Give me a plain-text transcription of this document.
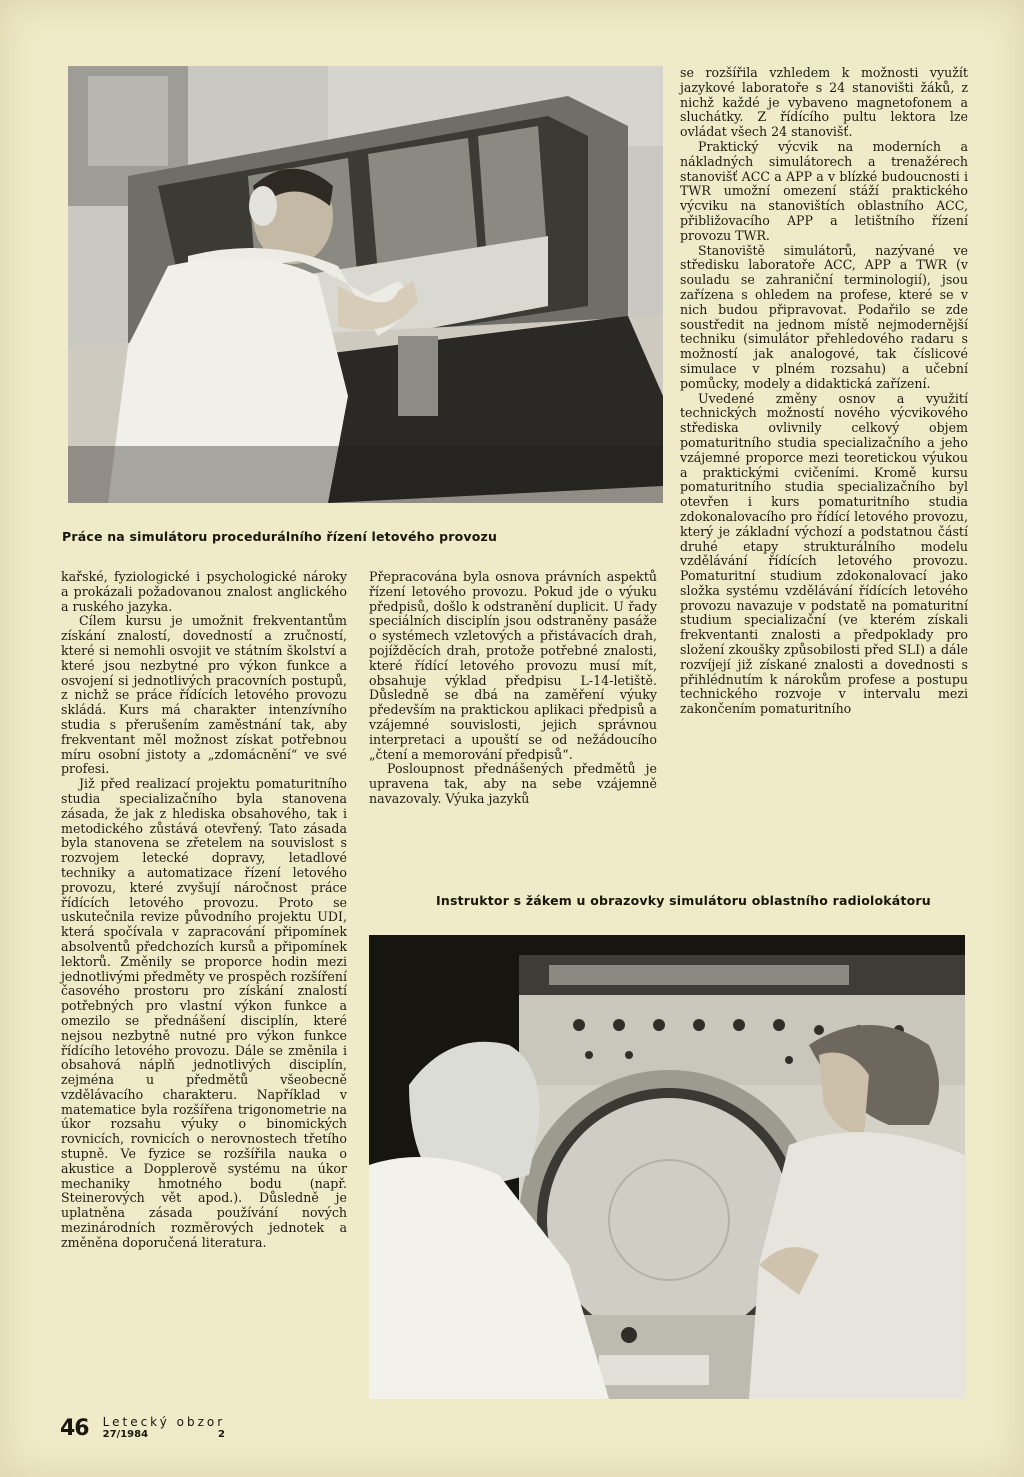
Práce na simulátoru procedurálního řízení letového provozu

se rozšířila vzhledem k možnosti využít jazykové laboratoře s 24 stanovišti žáků, z nichž každé je vybaveno magnetofonem a sluchátky. Z řídícího pultu lektora lze ovládat všech 24 stanovišť.

Praktický výcvik na moderních a nákladných simulátorech a trenažérech stanovišť ACC a APP a v blízké budoucnosti i TWR umožní omezení stáží praktického výcviku na stanovištích oblastního ACC, přibližovacího APP a letištního řízení provozu TWR.

Stanoviště simulátorů, nazývané ve středisku laboratoře ACC, APP a TWR (v souladu se zahraniční terminologií), jsou zařízena s ohledem na profese, které se v nich budou připravovat. Podařilo se zde soustředit na jednom místě nejmodernější techniku (simulátor přehledového radaru s možností jak analogové, tak číslicové simulace v plném rozsahu) a učební pomůcky, modely a didaktická zařízení.

Uvedené změny osnov a využití technických možností nového výcvikového střediska ovlivnily celkový objem pomaturitního studia specializačního a jeho vzájemné proporce mezi teoretickou výukou a praktickými cvičeními. Kromě kursu pomaturitního studia specializačního byl otevřen i kurs pomaturitního studia zdokonalovacího pro řídící letového provozu, který je základní výchozí a podstatnou částí druhé etapy strukturálního modelu vzdělávání řídících letového provozu. Pomaturitní studium zdokonalovací jako složka systému vzdělávání řídících letového provozu navazuje v podstatě na pomaturitní studium specializační (ve kterém získali frekventanti znalosti a předpoklady pro složení zkoušky způsobilosti před SLI) a dále rozvíjejí již získané znalosti a dovednosti s přihlédnutím k nárokům profese a postupu technického rozvoje v intervalu mezi zakončením pomaturitního

kařské, fyziologické i psychologické nároky a prokázali požadovanou znalost anglického a ruského jazyka.

Cílem kursu je umožnit frekventantům získání znalostí, dovedností a zručností, které si nemohli osvojit ve státním školství a které jsou nezbytné pro výkon funkce a osvojení si jednotlivých pracovních postupů, z nichž se práce řídících letového provozu skládá. Kurs má charakter intenzívního studia s přerušením zaměstnání tak, aby frekventant měl možnost získat potřebnou míru osobní jistoty a „zdomácnění“ ve své profesi.

Již před realizací projektu pomaturitního studia specializačního byla stanovena zásada, že jak z hlediska obsahového, tak i metodického zůstává otevřený. Tato zásada byla stanovena se zřetelem na souvislost s rozvojem letecké dopravy, letadlové techniky a automatizace řízení letového provozu, které zvyšují náročnost práce řídících letového provozu. Proto se uskutečnila revize původního projektu UDI, která spočívala v zapracování připomínek absolventů předchozích kursů a připomínek lektorů. Změnily se proporce hodin mezi jednotlivými předměty ve prospěch rozšíření časového prostoru pro získání znalostí potřebných pro vlastní výkon funkce a omezilo se přednášení disciplín, které nejsou nezbytně nutné pro výkon funkce řídícího letového provozu. Dále se změnila i obsahová náplň jednotlivých disciplín, zejména u předmětů všeobecně vzdělávacího charakteru. Například v matematice byla rozšířena trigonometrie na úkor rozsahu výuky o binomických rovnicích, rovnicích o nerovnostech třetího stupně. Ve fyzice se rozšířila nauka o akustice a Dopplerově systému na úkor mechaniky hmotného bodu (např. Steinerových vět apod.). Důsledně je uplatněna zásada používání nových mezinárodních rozměrových jednotek a změněna doporučená literatura.

Přepracována byla osnova právních aspektů řízení letového provozu. Pokud jde o výuku předpisů, došlo k odstranění duplicit. U řady speciálních disciplín jsou odstraněny pasáže o systémech vzletových a přistávacích drah, pojížděcích drah, protože potřebné znalosti, které řídící letového provozu musí mít, obsahuje výklad předpisu L-14-letiště. Důsledně se dbá na zaměření výuky především na praktickou aplikaci předpisů a vzájemné souvislosti, jejich správnou interpretaci a upouští se od nežádoucího „čtení a memorování předpisů“.

Posloupnost přednášených předmětů je upravena tak, aby na sebe vzájemně navazovaly. Výuka jazyků

Instruktor s žákem u obrazovky simulátoru oblastního radiolokátoru
46 Letecký obzor
27/1984	2
